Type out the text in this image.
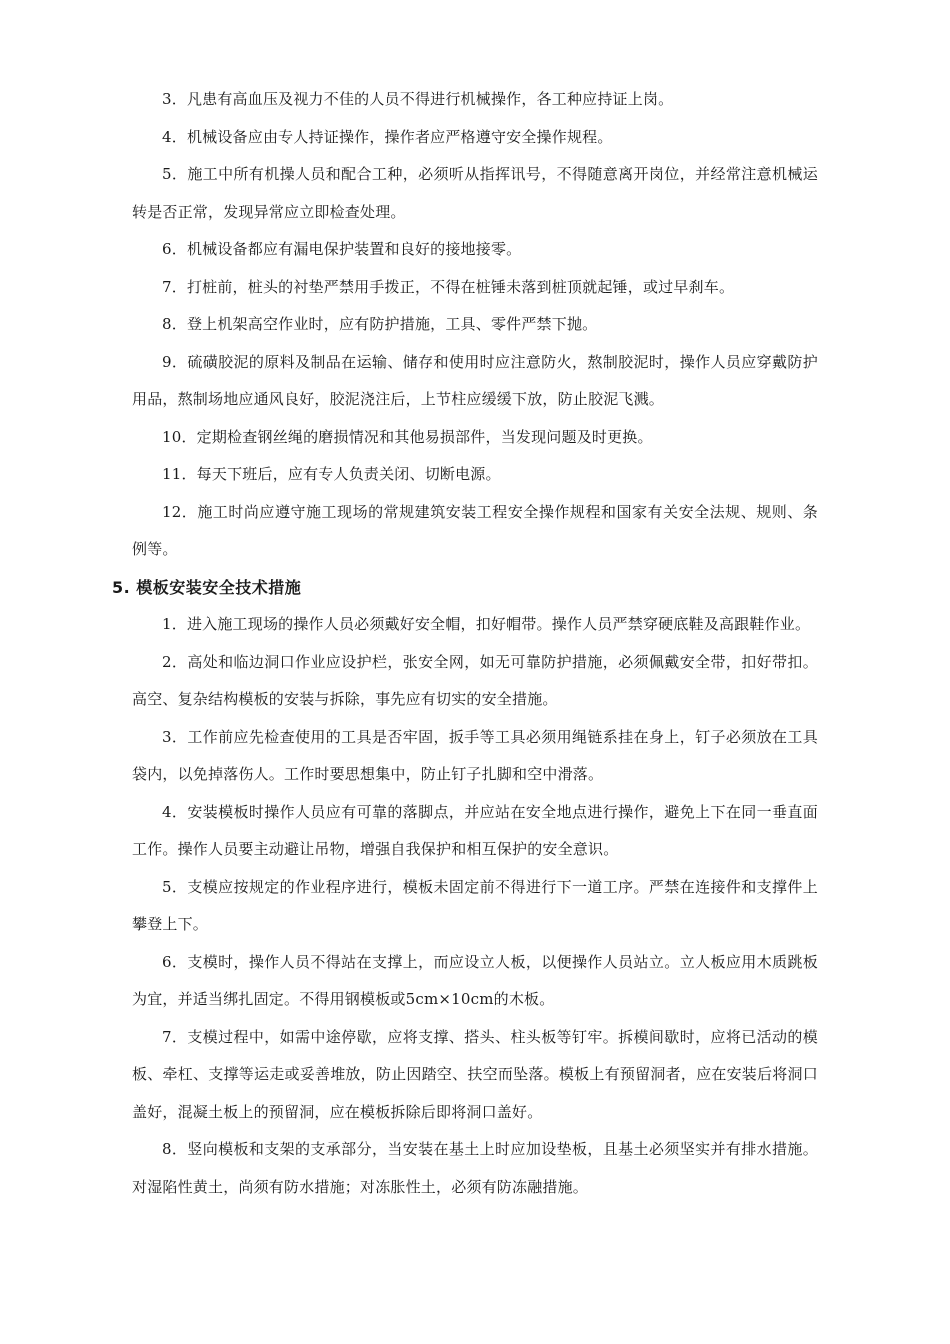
3．凡患有高血压及视力不佳的人员不得进行机械操作，各工种应持证上岗。

4．机械设备应由专人持证操作，操作者应严格遵守安全操作规程。

5．施工中所有机操人员和配合工种，必须听从指挥讯号，不得随意离开岗位，并经常注意机械运转是否正常，发现异常应立即检查处理。

6．机械设备都应有漏电保护装置和良好的接地接零。

7．打桩前，桩头的衬垫严禁用手拨正，不得在桩锤未落到桩顶就起锤，或过早刹车。

8．登上机架高空作业时，应有防护措施，工具、零件严禁下抛。

9．硫磺胶泥的原料及制品在运输、储存和使用时应注意防火，熬制胶泥时，操作人员应穿戴防护用品，熬制场地应通风良好，胶泥浇注后，上节柱应缓缓下放，防止胶泥飞溅。

10．定期检查钢丝绳的磨损情况和其他易损部件，当发现问题及时更换。

11．每天下班后，应有专人负责关闭、切断电源。

12．施工时尚应遵守施工现场的常规建筑安装工程安全操作规程和国家有关安全法规、规则、条例等。

5. 模板安装安全技术措施

1．进入施工现场的操作人员必须戴好安全帽，扣好帽带。操作人员严禁穿硬底鞋及高跟鞋作业。

2．高处和临边洞口作业应设护栏，张安全网，如无可靠防护措施，必须佩戴安全带，扣好带扣。高空、复杂结构模板的安装与拆除，事先应有切实的安全措施。

3．工作前应先检查使用的工具是否牢固，扳手等工具必须用绳链系挂在身上，钉子必须放在工具袋内，以免掉落伤人。工作时要思想集中，防止钉子扎脚和空中滑落。

4．安装模板时操作人员应有可靠的落脚点，并应站在安全地点进行操作，避免上下在同一垂直面工作。操作人员要主动避让吊物，增强自我保护和相互保护的安全意识。

5．支模应按规定的作业程序进行，模板未固定前不得进行下一道工序。严禁在连接件和支撑件上攀登上下。

6．支模时，操作人员不得站在支撑上，而应设立人板，以便操作人员站立。立人板应用木质跳板为宜，并适当绑扎固定。不得用钢模板或5cm×10cm的木板。

7．支模过程中，如需中途停歇，应将支撑、搭头、柱头板等钉牢。拆模间歇时，应将已活动的模板、牵杠、支撑等运走或妥善堆放，防止因踏空、扶空而坠落。模板上有预留洞者，应在安装后将洞口盖好，混凝土板上的预留洞，应在模板拆除后即将洞口盖好。

8．竖向模板和支架的支承部分，当安装在基土上时应加设垫板，且基土必须坚实并有排水措施。对湿陷性黄土，尚须有防水措施；对冻胀性土，必须有防冻融措施。
